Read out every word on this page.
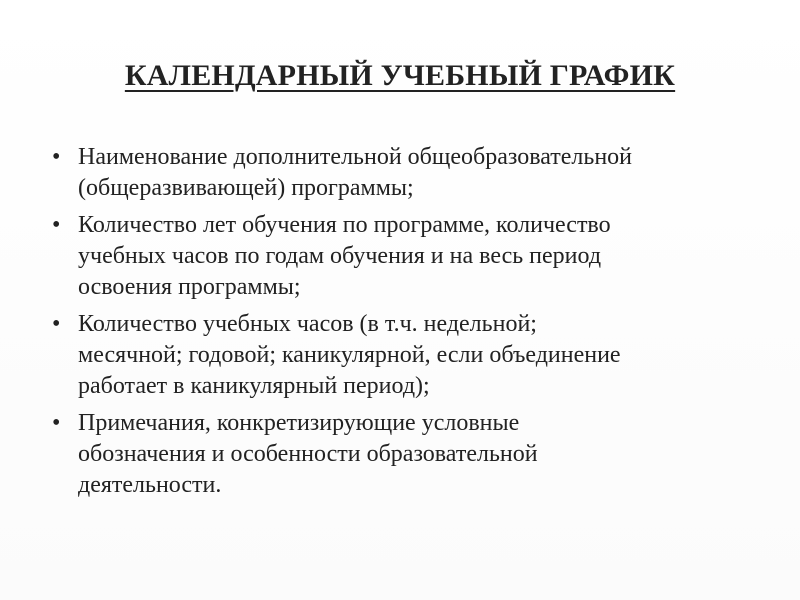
КАЛЕНДАРНЫЙ УЧЕБНЫЙ ГРАФИК
• Наименование дополнительной общеобразовательной
(общеразвивающей) программы;
• Количество лет обучения по программе, количество
учебных часов по годам обучения и на весь период
освоения программы;
• Количество учебных часов (в т.ч. недельной;
месячной; годовой; каникулярной, если объединение
работает в каникулярный период);
• Примечания, конкретизирующие условные
обозначения и особенности образовательной
деятельности.
